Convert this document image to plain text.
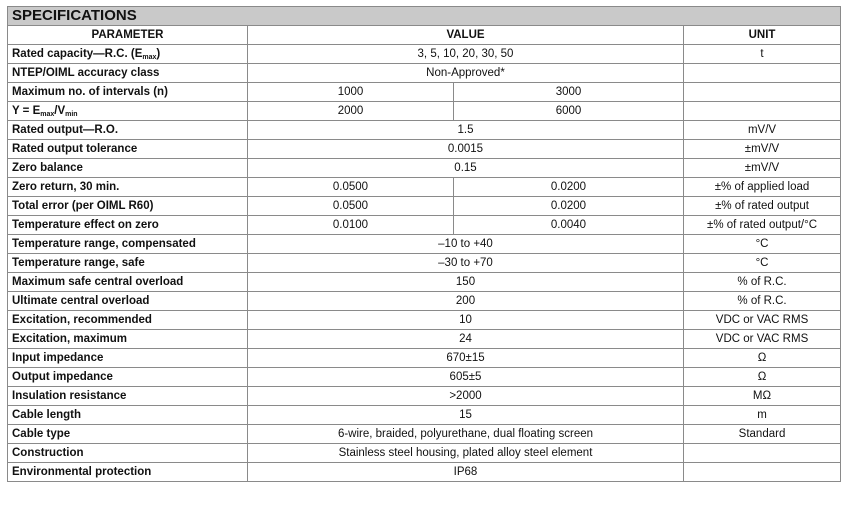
SPECIFICATIONS			
PARAMETER	VALUE		UNIT
Rated capacity—R.C. $(E_{max})$	3, 5, 10, 20, 30, 50		t
NTEP/OIML accuracy class	Non-Approved*		
Maximum no. of intervals (n)	1000	3000	
$Y = E_{max}/V_{min}$	2000	6000	
Rated output—R.O.	1.5		mV/V
Rated output tolerance	0.0015		±mV/V
Zero balance	0.15		±mV/V
Zero return, 30 min.	0.0500	0.0200	±% of applied load
Total error (per OIML R60)	0.0500	0.0200	±% of rated output
Temperature effect on zero	0.0100	0.0040	±% of rated output/°C
Temperature range, compensated	–10 to +40		°C
Temperature range, safe	–30 to +70		°C
Maximum safe central overload	150		% of R.C.
Ultimate central overload	200		% of R.C.
Excitation, recommended	10		VDC or VAC RMS
Excitation, maximum	24		VDC or VAC RMS
Input impedance	670±15		Ω
Output impedance	605±5		Ω
Insulation resistance	>2000		MΩ
Cable length	15		m
Cable type	6-wire, braided, polyurethane, dual floating screen		Standard
Construction	Stainless steel housing, plated alloy steel element		
Environmental protection	IP68		
